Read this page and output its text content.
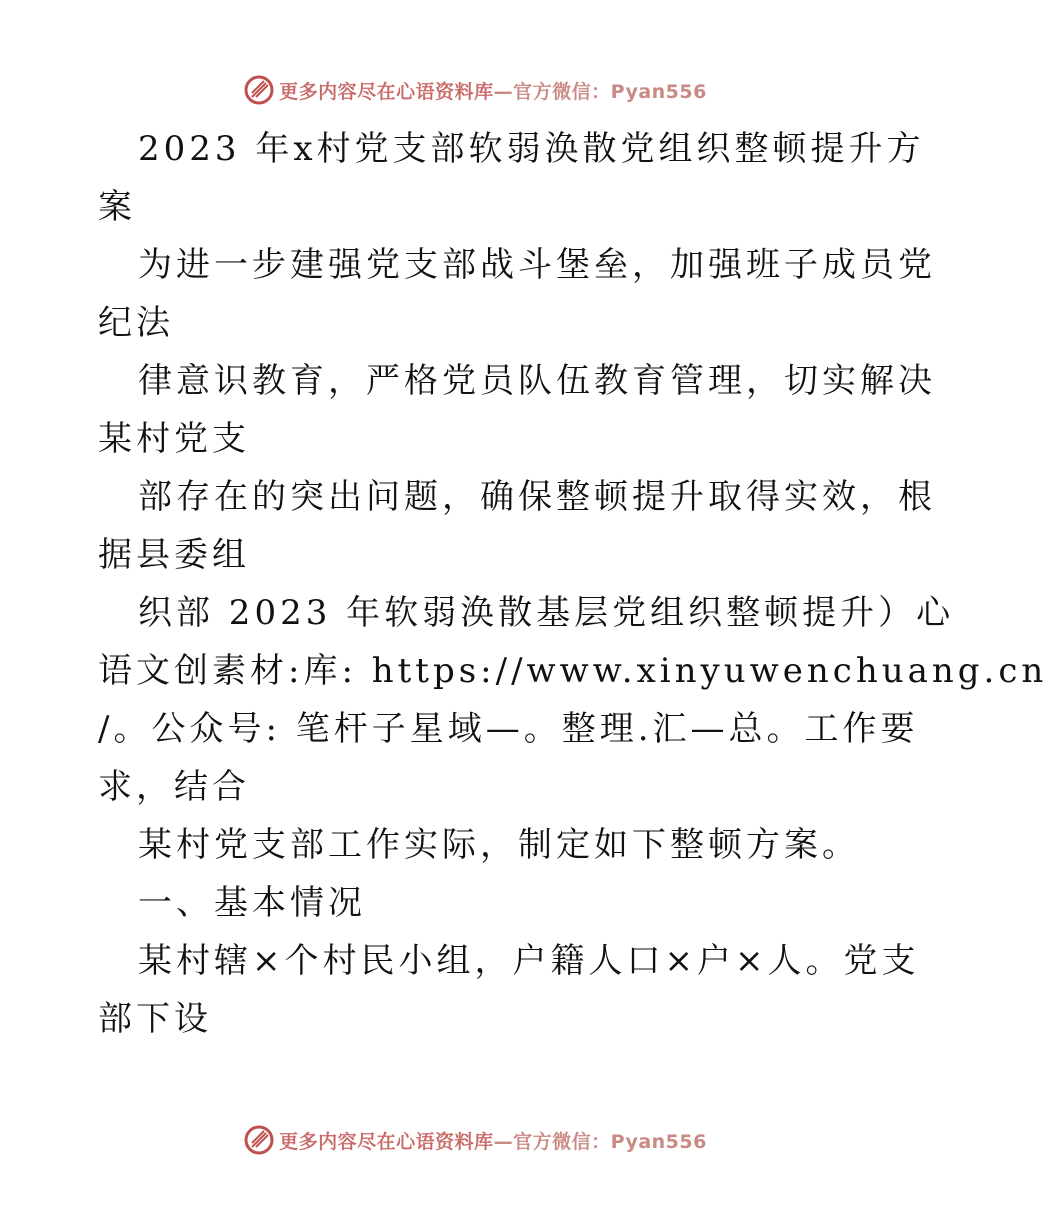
更多内容尽在心语资料库—官方微信：Pyan556
2023 年x村党支部软弱涣散党组织整顿提升方
案
为进一步建强党支部战斗堡垒，加强班子成员党
纪法
律意识教育，严格党员队伍教育管理，切实解决
某村党支
部存在的突出问题，确保整顿提升取得实效，根
据县委组
织部 2023 年软弱涣散基层党组织整顿提升）心
语文创素材:库: https://www.xinyuwenchuang.cn
/。公众号: 笔杆子星域—。整理.汇—总。工作要
求，结合
某村党支部工作实际，制定如下整顿方案。
一、基本情况
某村辖×个村民小组，户籍人口×户×人。党支
部下设
更多内容尽在心语资料库—官方微信：Pyan556
